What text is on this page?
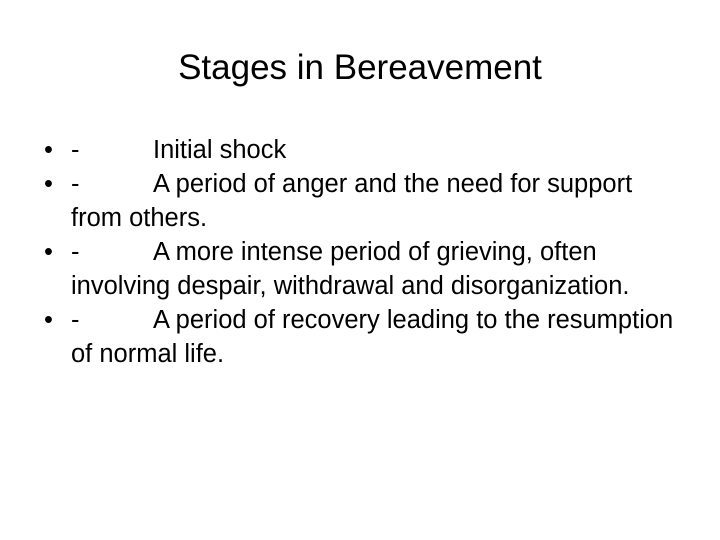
Stages in Bereavement
• -	Initial shock
• -	A period of anger and the need for support from others.
• -	A more intense period of grieving, often involving despair, withdrawal and disorganization.
• -	A period of recovery leading to the resumption of normal life.
